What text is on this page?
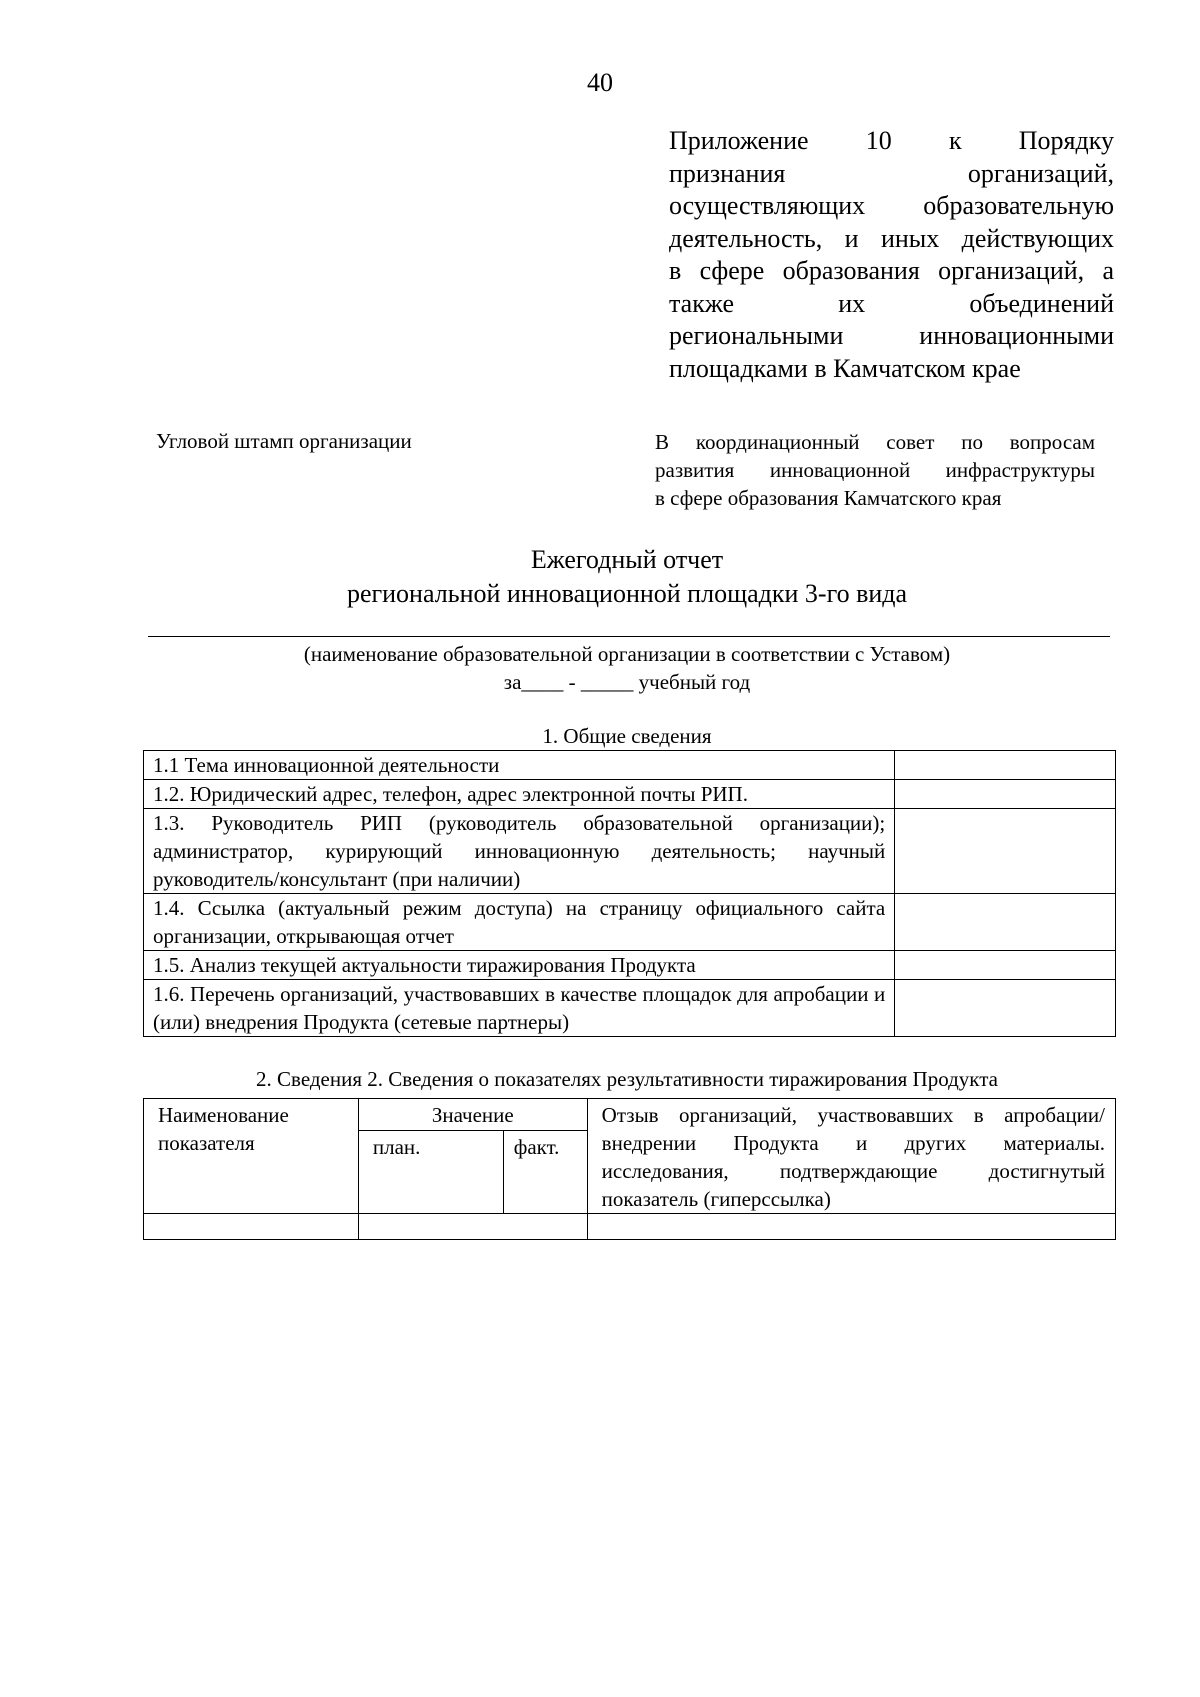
40
Приложение 10 к Порядку
признания организаций,
осуществляющих образовательную
деятельность, и иных действующих
в сфере образования организаций, а
также их объединений
региональными инновационными
площадками в Камчатском крае
Угловой штамп организации	В координационный совет по вопросам
развития инновационной инфраструктуры
в сфере образования Камчатского края
Ежегодный отчет
региональной инновационной площадки 3-го вида
(наименование образовательной организации в соответствии с Уставом)
за____ - _____ учебный год
1. Общие сведения
1.1 Тема инновационной деятельности	
1.2. Юридический адрес, телефон, адрес электронной почты РИП.	
1.3. Руководитель РИП (руководитель образовательной организации); администратор, курирующий инновационную деятельность; научный руководитель/консультант (при наличии)	
1.4. Ссылка (актуальный режим доступа) на страницу официального сайта организации, открывающая отчет	
1.5. Анализ текущей актуальности тиражирования Продукта	
1.6. Перечень организаций, участвовавших в качестве площадок для апробации и (или) внедрения Продукта (сетевые партнеры)	
2. Сведения 2. Сведения о показателях результативности тиражирования Продукта
Наименование показателя	Значение		Отзыв организаций, участвовавших в апробации/внедрении Продукта и других материалы. исследования, подтверждающие достигнутый показатель (гиперссылка)
	план.	факт.	
